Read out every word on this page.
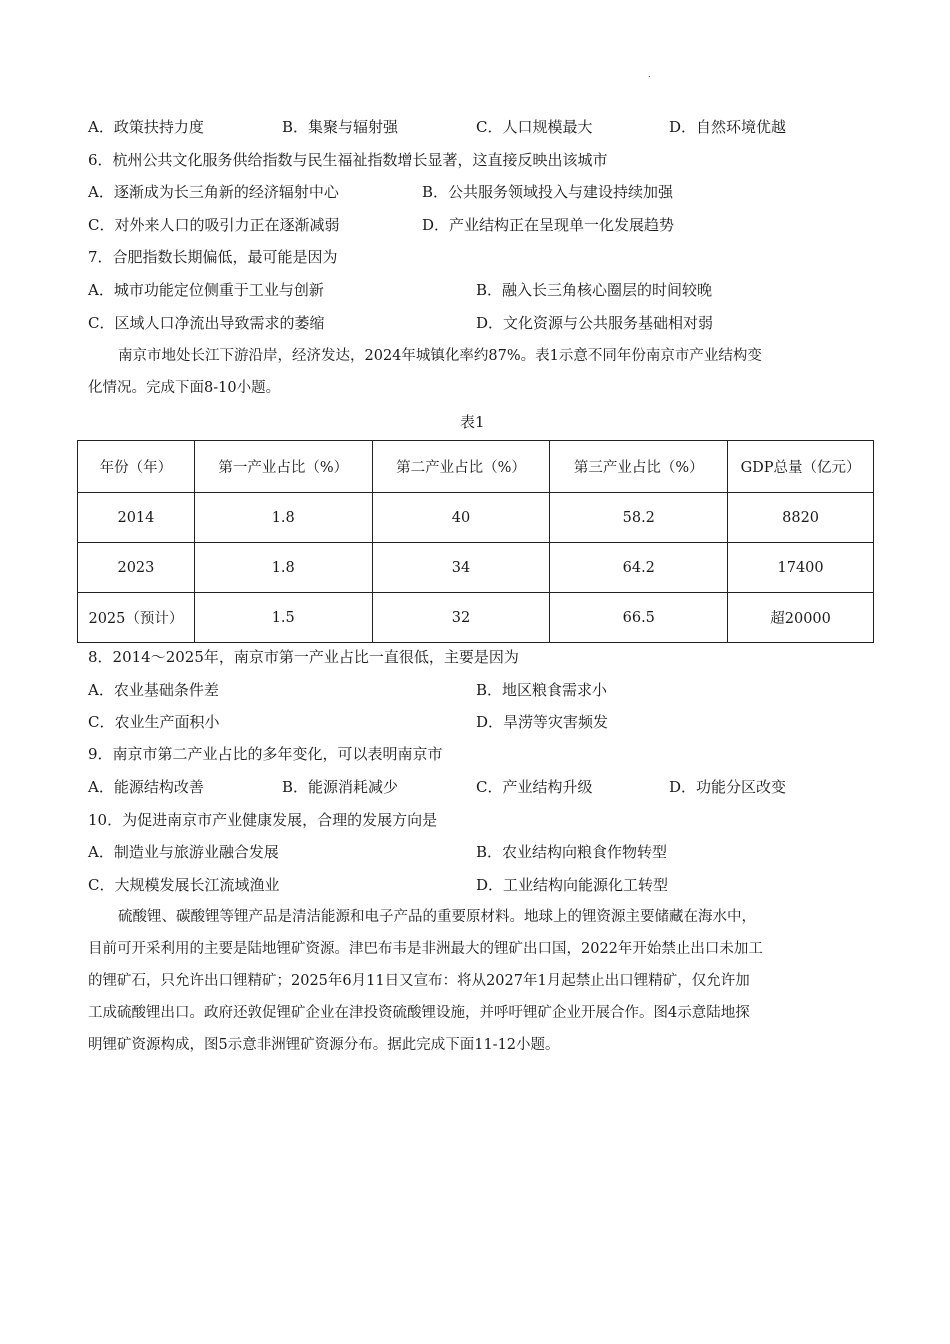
.
A．政策扶持力度	B．集聚与辐射强	C．人口规模最大	D．自然环境优越
6．杭州公共文化服务供给指数与民生福祉指数增长显著，这直接反映出该城市
A．逐渐成为长三角新的经济辐射中心	B．公共服务领域投入与建设持续加强
C．对外来人口的吸引力正在逐渐减弱	D．产业结构正在呈现单一化发展趋势
7．合肥指数长期偏低，最可能是因为
A．城市功能定位侧重于工业与创新	B．融入长三角核心圈层的时间较晚
C．区域人口净流出导致需求的萎缩	D．文化资源与公共服务基础相对弱
南京市地处长江下游沿岸，经济发达，2024年城镇化率约87%。表1示意不同年份南京市产业结构变
化情况。完成下面8-10小题。
表1
年份（年）	第一产业占比（%）	第二产业占比（%）	第三产业占比（%）	GDP总量（亿元）
2014	1.8	40	58.2	8820
2023	1.8	34	64.2	17400
2025（预计）	1.5	32	66.5	超20000
8．2014～2025年，南京市第一产业占比一直很低，主要是因为
A．农业基础条件差	B．地区粮食需求小
C．农业生产面积小	D．旱涝等灾害频发
9．南京市第二产业占比的多年变化，可以表明南京市
A．能源结构改善	B．能源消耗减少	C．产业结构升级	D．功能分区改变
10．为促进南京市产业健康发展，合理的发展方向是
A．制造业与旅游业融合发展	B．农业结构向粮食作物转型
C．大规模发展长江流域渔业	D．工业结构向能源化工转型
硫酸锂、碳酸锂等锂产品是清洁能源和电子产品的重要原材料。地球上的锂资源主要储藏在海水中，
目前可开采利用的主要是陆地锂矿资源。津巴布韦是非洲最大的锂矿出口国，2022年开始禁止出口未加工
的锂矿石，只允许出口锂精矿；2025年6月11日又宣布：将从2027年1月起禁止出口锂精矿，仅允许加
工成硫酸锂出口。政府还敦促锂矿企业在津投资硫酸锂设施，并呼吁锂矿企业开展合作。图4示意陆地探
明锂矿资源构成，图5示意非洲锂矿资源分布。据此完成下面11-12小题。
